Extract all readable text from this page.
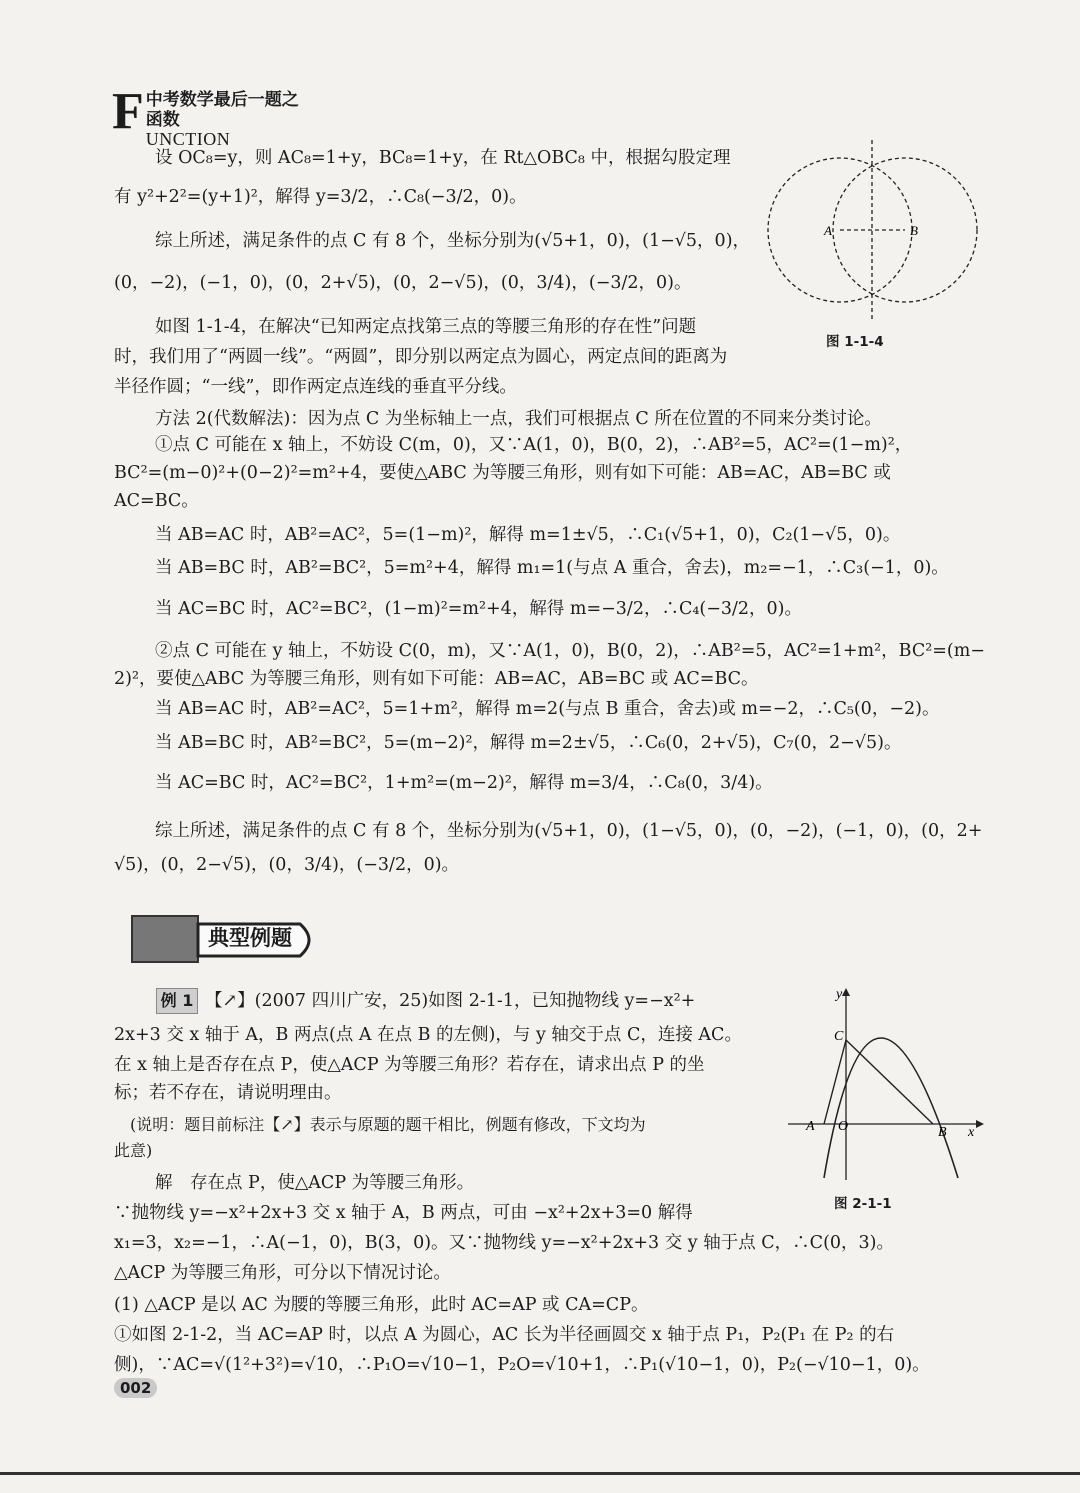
F 中考数学最后一题之函数
UNCTION
设 OC₈=y，则 AC₈=1+y，BC₈=1+y，在 Rt△OBC₈ 中，根据勾股定理
有 y²+2²=(y+1)²，解得 y=3/2，∴C₈(−3/2，0)。
综上所述，满足条件的点 C 有 8 个，坐标分别为(√5+1，0)，(1−√5，0)，
(0，−2)，(−1，0)，(0，2+√5)，(0，2−√5)，(0，3/4)，(−3/2，0)。
如图 1-1-4，在解决“已知两定点找第三点的等腰三角形的存在性”问题
时，我们用了“两圆一线”。“两圆”，即分别以两定点为圆心，两定点间的距离为
半径作圆；“一线”，即作两定点连线的垂直平分线。
方法 2(代数解法)：因为点 C 为坐标轴上一点，我们可根据点 C 所在位置的不同来分类讨论。
①点 C 可能在 x 轴上，不妨设 C(m，0)，又∵A(1，0)，B(0，2)，∴AB²=5，AC²=(1−m)²，
BC²=(m−0)²+(0−2)²=m²+4，要使△ABC 为等腰三角形，则有如下可能：AB=AC，AB=BC 或
AC=BC。
当 AB=AC 时，AB²=AC²，5=(1−m)²，解得 m=1±√5，∴C₁(√5+1，0)，C₂(1−√5，0)。
当 AB=BC 时，AB²=BC²，5=m²+4，解得 m₁=1(与点 A 重合，舍去)，m₂=−1，∴C₃(−1，0)。
当 AC=BC 时，AC²=BC²，(1−m)²=m²+4，解得 m=−3/2，∴C₄(−3/2，0)。
②点 C 可能在 y 轴上，不妨设 C(0，m)，又∵A(1，0)，B(0，2)，∴AB²=5，AC²=1+m²，BC²=(m−
2)²，要使△ABC 为等腰三角形，则有如下可能：AB=AC，AB=BC 或 AC=BC。
当 AB=AC 时，AB²=AC²，5=1+m²，解得 m=2(与点 B 重合，舍去)或 m=−2，∴C₅(0，−2)。
当 AB=BC 时，AB²=BC²，5=(m−2)²，解得 m=2±√5，∴C₆(0，2+√5)，C₇(0，2−√5)。
当 AC=BC 时，AC²=BC²，1+m²=(m−2)²，解得 m=3/4，∴C₈(0，3/4)。
综上所述，满足条件的点 C 有 8 个，坐标分别为(√5+1，0)，(1−√5，0)，(0，−2)，(−1，0)，(0，2+
√5)，(0，2−√5)，(0，3/4)，(−3/2，0)。
A	B
图 1-1-4
典型例题
例 1 【↗】(2007 四川广安，25)如图 2-1-1，已知抛物线 y=−x²+
2x+3 交 x 轴于 A，B 两点(点 A 在点 B 的左侧)，与 y 轴交于点 C，连接 AC。
在 x 轴上是否存在点 P，使△ACP 为等腰三角形？若存在，请求出点 P 的坐
标；若不存在，请说明理由。
(说明：题目前标注【↗】表示与原题的题干相比，例题有修改，下文均为
此意)
y
C
A O	B x
图 2-1-1
解　存在点 P，使△ACP 为等腰三角形。
∵抛物线 y=−x²+2x+3 交 x 轴于 A，B 两点，可由 −x²+2x+3=0 解得
x₁=3，x₂=−1，∴A(−1，0)，B(3，0)。又∵抛物线 y=−x²+2x+3 交 y 轴于点 C，∴C(0，3)。
△ACP 为等腰三角形，可分以下情况讨论。
(1) △ACP 是以 AC 为腰的等腰三角形，此时 AC=AP 或 CA=CP。
①如图 2-1-2，当 AC=AP 时，以点 A 为圆心，AC 长为半径画圆交 x 轴于点 P₁，P₂(P₁ 在 P₂ 的右
侧)，∵AC=√(1²+3²)=√10，∴P₁O=√10−1，P₂O=√10+1，∴P₁(√10−1，0)，P₂(−√10−1，0)。
002
